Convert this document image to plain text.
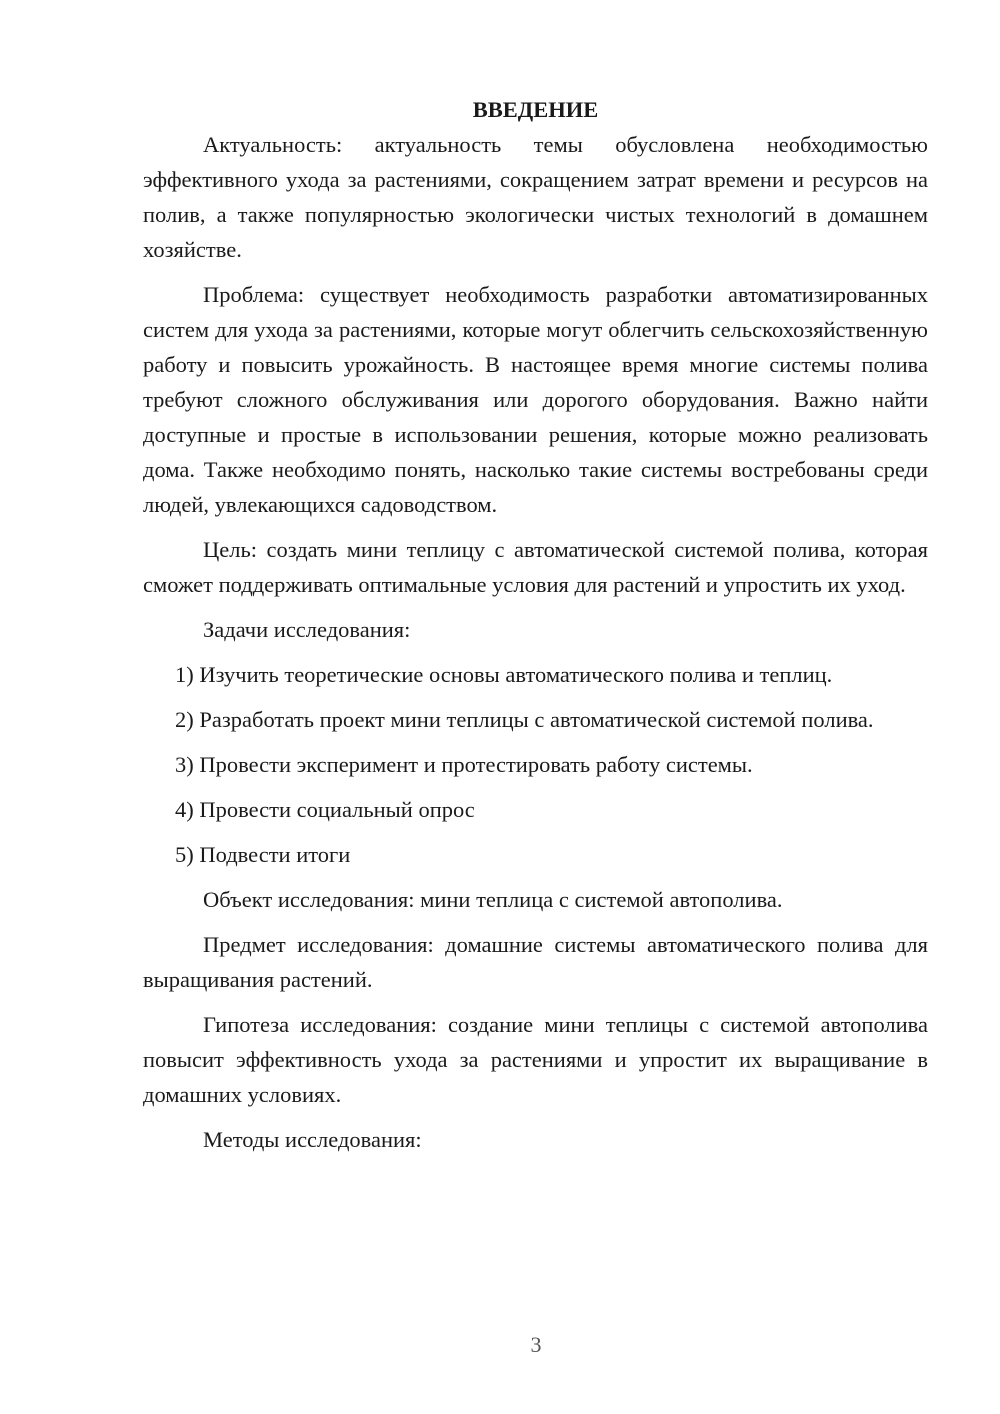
ВВЕДЕНИЕ

Актуальность: актуальность темы обусловлена необходимостью эффективного ухода за растениями, сокращением затрат времени и ресурсов на полив, а также популярностью экологически чистых технологий в домашнем хозяйстве.

Проблема: существует необходимость разработки автоматизированных систем для ухода за растениями, которые могут облегчить сельскохозяйственную работу и повысить урожайность. В настоящее время многие системы полива требуют сложного обслуживания или дорогого оборудования. Важно найти доступные и простые в использовании решения, которые можно реализовать дома. Также необходимо понять, насколько такие системы востребованы среди людей, увлекающихся садоводством.

Цель: создать мини теплицу с автоматической системой полива, которая сможет поддерживать оптимальные условия для растений и упростить их уход.

Задачи исследования:

1) Изучить теоретические основы автоматического полива и теплиц.

2) Разработать проект мини теплицы с автоматической системой полива.

3) Провести эксперимент и протестировать работу системы.

4) Провести социальный опрос

5) Подвести итоги

Объект исследования: мини теплица с системой автополива.

Предмет исследования: домашние системы автоматического полива для выращивания растений.

Гипотеза исследования: создание мини теплицы с системой автополива повысит эффективность ухода за растениями и упростит их выращивание в домашних условиях.

Методы исследования:

3
